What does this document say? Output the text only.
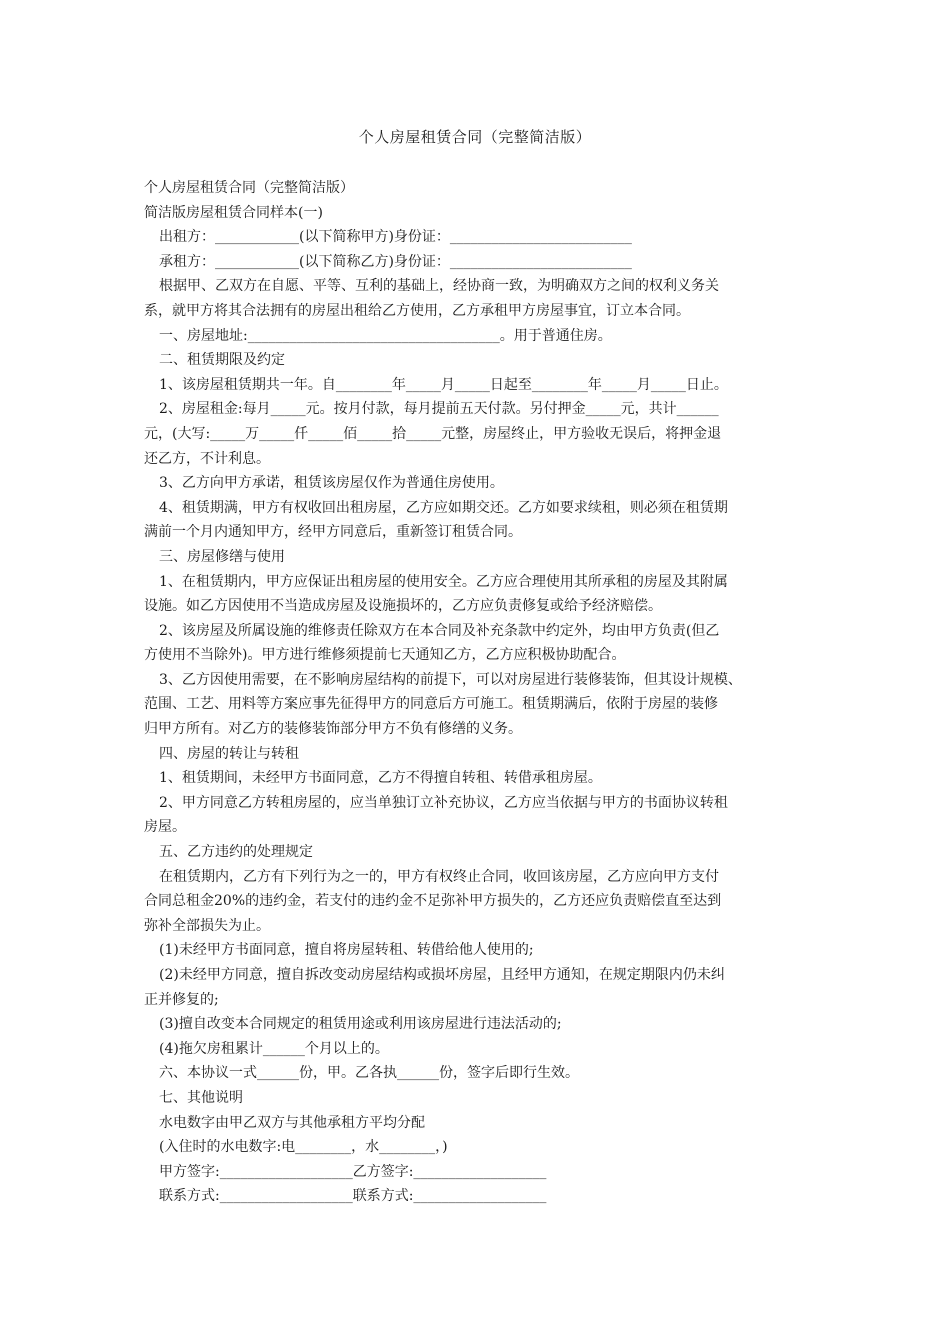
个人房屋租赁合同（完整简洁版）
个人房屋租赁合同（完整简洁版）
简洁版房屋租赁合同样本(一)
出租方：____________(以下简称甲方)身份证：__________________________
承租方：____________(以下简称乙方)身份证：__________________________
根据甲、乙双方在自愿、平等、互利的基础上，经协商一致，为明确双方之间的权利义务关
系，就甲方将其合法拥有的房屋出租给乙方使用，乙方承租甲方房屋事宜，订立本合同。
一、房屋地址:____________________________________。用于普通住房。
二、租赁期限及约定
1、该房屋租赁期共一年。自________年_____月_____日起至________年_____月_____日止。
2、房屋租金:每月_____元。按月付款，每月提前五天付款。另付押金_____元，共计______
元，(大写:_____万_____仟_____佰_____拾_____元整，房屋终止，甲方验收无误后，将押金退
还乙方，不计利息。
3、乙方向甲方承诺，租赁该房屋仅作为普通住房使用。
4、租赁期满，甲方有权收回出租房屋，乙方应如期交还。乙方如要求续租，则必须在租赁期
满前一个月内通知甲方，经甲方同意后，重新签订租赁合同。
三、房屋修缮与使用
1、在租赁期内，甲方应保证出租房屋的使用安全。乙方应合理使用其所承租的房屋及其附属
设施。如乙方因使用不当造成房屋及设施损坏的，乙方应负责修复或给予经济赔偿。
2、该房屋及所属设施的维修责任除双方在本合同及补充条款中约定外，均由甲方负责(但乙
方使用不当除外)。甲方进行维修须提前七天通知乙方，乙方应积极协助配合。
3、乙方因使用需要，在不影响房屋结构的前提下，可以对房屋进行装修装饰，但其设计规模、
范围、工艺、用料等方案应事先征得甲方的同意后方可施工。租赁期满后，依附于房屋的装修
归甲方所有。对乙方的装修装饰部分甲方不负有修缮的义务。
四、房屋的转让与转租
1、租赁期间，未经甲方书面同意，乙方不得擅自转租、转借承租房屋。
2、甲方同意乙方转租房屋的，应当单独订立补充协议，乙方应当依据与甲方的书面协议转租
房屋。
五、乙方违约的处理规定
在租赁期内，乙方有下列行为之一的，甲方有权终止合同，收回该房屋，乙方应向甲方支付
合同总租金20%的违约金，若支付的违约金不足弥补甲方损失的，乙方还应负责赔偿直至达到
弥补全部损失为止。
(1)未经甲方书面同意，擅自将房屋转租、转借给他人使用的;
(2)未经甲方同意，擅自拆改变动房屋结构或损坏房屋，且经甲方通知，在规定期限内仍未纠
正并修复的;
(3)擅自改变本合同规定的租赁用途或利用该房屋进行违法活动的;
(4)拖欠房租累计______个月以上的。
六、本协议一式______份，甲。乙各执______份，签字后即行生效。
七、其他说明
水电数字由甲乙双方与其他承租方平均分配
(入住时的水电数字:电________，水________，)
甲方签字:___________________乙方签字:___________________
联系方式:___________________联系方式:___________________
